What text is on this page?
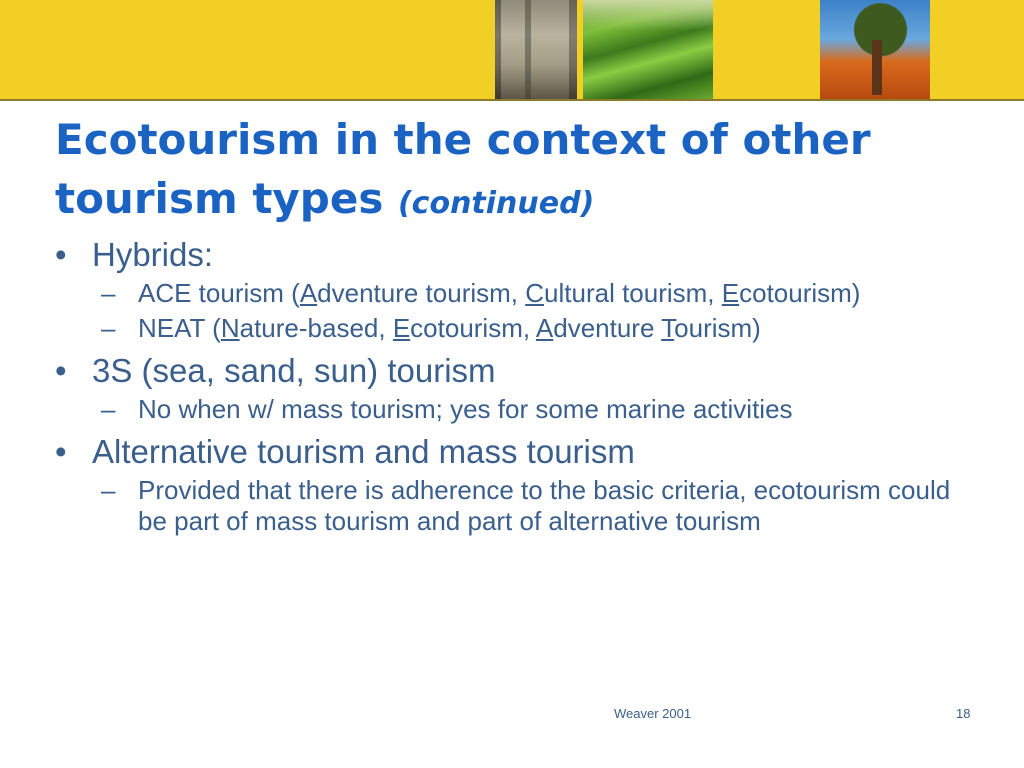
Ecotourism in the context of other tourism types (continued)
• Hybrids:
– ACE tourism (Adventure tourism, Cultural tourism, Ecotourism)
– NEAT (Nature-based, Ecotourism, Adventure Tourism)
• 3S (sea, sand, sun) tourism
– No when w/ mass tourism; yes for some marine activities
• Alternative tourism and mass tourism
– Provided that there is adherence to the basic criteria, ecotourism could be part of mass tourism and part of alternative tourism
Weaver 2001	18
